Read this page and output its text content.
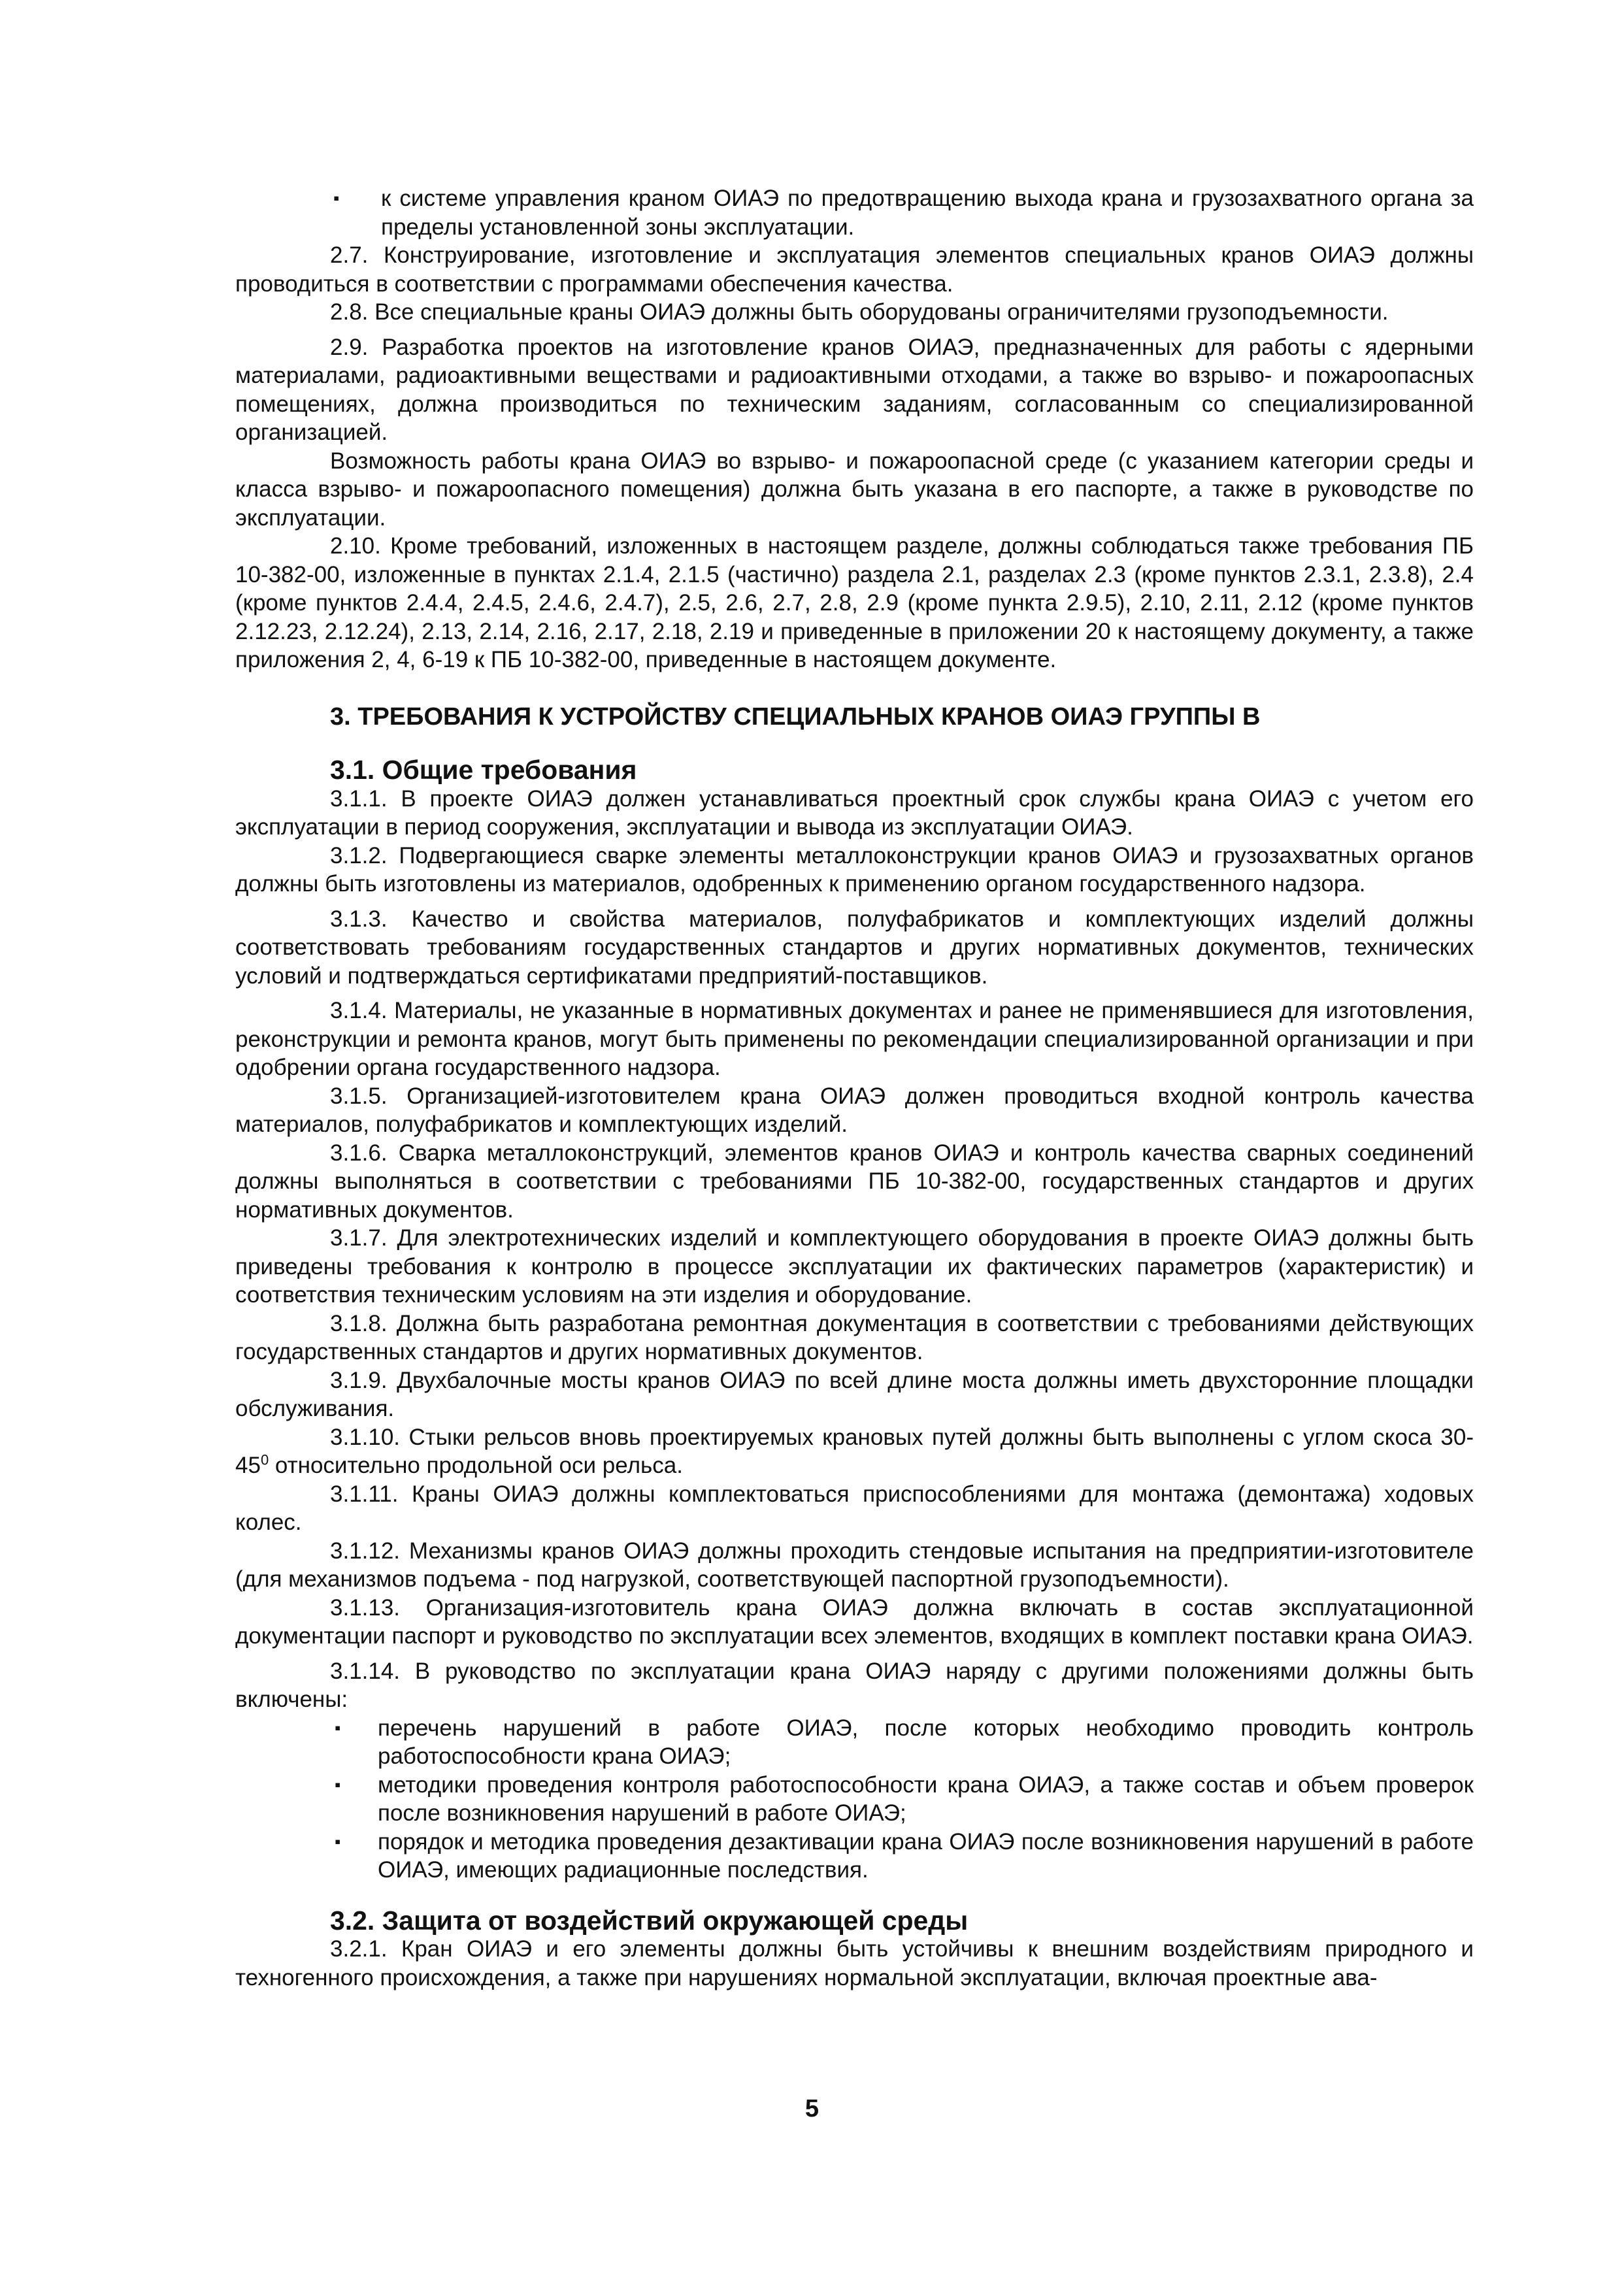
▪	к системе управления краном ОИАЭ по предотвращению выхода крана и грузозахватного органа за пределы установленной зоны эксплуатации.

2.7. Конструирование, изготовление и эксплуатация элементов специальных кранов ОИАЭ должны проводиться в соответствии с программами обеспечения качества.

2.8. Все специальные краны ОИАЭ должны быть оборудованы ограничителями грузоподъемности.

2.9. Разработка проектов на изготовление кранов ОИАЭ, предназначенных для работы с ядерными материалами, радиоактивными веществами и радиоактивными отходами, а также во взрыво- и пожароопасных помещениях, должна производиться по техническим заданиям, согласованным со специализированной организацией.

Возможность работы крана ОИАЭ во взрыво- и пожароопасной среде (с указанием категории среды и класса взрыво- и пожароопасного помещения) должна быть указана в его паспорте, а также в руководстве по эксплуатации.

2.10. Кроме требований, изложенных в настоящем разделе, должны соблюдаться также требования ПБ 10-382-00, изложенные в пунктах 2.1.4, 2.1.5 (частично) раздела 2.1, разделах 2.3 (кроме пунктов 2.3.1, 2.3.8), 2.4 (кроме пунктов 2.4.4, 2.4.5, 2.4.6, 2.4.7), 2.5, 2.6, 2.7, 2.8, 2.9 (кроме пункта 2.9.5), 2.10, 2.11, 2.12 (кроме пунктов 2.12.23, 2.12.24), 2.13, 2.14, 2.16, 2.17, 2.18, 2.19 и приведенные в приложении 20 к настоящему документу, а также приложения 2, 4, 6-19 к ПБ 10-382-00, приведенные в настоящем документе.

3. ТРЕБОВАНИЯ К УСТРОЙСТВУ СПЕЦИАЛЬНЫХ КРАНОВ ОИАЭ ГРУППЫ В
3.1. Общие требования

3.1.1. В проекте ОИАЭ должен устанавливаться проектный срок службы крана ОИАЭ с учетом его эксплуатации в период сооружения, эксплуатации и вывода из эксплуатации ОИАЭ.

3.1.2. Подвергающиеся сварке элементы металлоконструкции кранов ОИАЭ и грузозахватных органов должны быть изготовлены из материалов, одобренных к применению органом государственного надзора.

3.1.3. Качество и свойства материалов, полуфабрикатов и комплектующих изделий должны соответствовать требованиям государственных стандартов и других нормативных документов, технических условий и подтверждаться сертификатами предприятий-поставщиков.

3.1.4. Материалы, не указанные в нормативных документах и ранее не применявшиеся для изготовления, реконструкции и ремонта кранов, могут быть применены по рекомендации специализированной организации и при одобрении органа государственного надзора.

3.1.5. Организацией-изготовителем крана ОИАЭ должен проводиться входной контроль качества материалов, полуфабрикатов и комплектующих изделий.

3.1.6. Сварка металлоконструкций, элементов кранов ОИАЭ и контроль качества сварных соединений должны выполняться в соответствии с требованиями ПБ 10-382-00, государственных стандартов и других нормативных документов.

3.1.7. Для электротехнических изделий и комплектующего оборудования в проекте ОИАЭ должны быть приведены требования к контролю в процессе эксплуатации их фактических параметров (характеристик) и соответствия техническим условиям на эти изделия и оборудование.

3.1.8. Должна быть разработана ремонтная документация в соответствии с требованиями действующих государственных стандартов и других нормативных документов.

3.1.9. Двухбалочные мосты кранов ОИАЭ по всей длине моста должны иметь двухсторонние площадки обслуживания.

3.1.10. Стыки рельсов вновь проектируемых крановых путей должны быть выполнены с углом скоса $30-45^0$ относительно продольной оси рельса.

3.1.11. Краны ОИАЭ должны комплектоваться приспособлениями для монтажа (демонтажа) ходовых колес.

3.1.12. Механизмы кранов ОИАЭ должны проходить стендовые испытания на предприятии-изготовителе (для механизмов подъема - под нагрузкой, соответствующей паспортной грузоподъемности).

3.1.13. Организация-изготовитель крана ОИАЭ должна включать в состав эксплуатационной документации паспорт и руководство по эксплуатации всех элементов, входящих в комплект поставки крана ОИАЭ.

3.1.14. В руководство по эксплуатации крана ОИАЭ наряду с другими положениями должны быть включены:

▪	перечень нарушений в работе ОИАЭ, после которых необходимо проводить контроль работоспособности крана ОИАЭ;
▪	методики проведения контроля работоспособности крана ОИАЭ, а также состав и объем проверок после возникновения нарушений в работе ОИАЭ;
▪	порядок и методика проведения дезактивации крана ОИАЭ после возникновения нарушений в работе ОИАЭ, имеющих радиационные последствия.
3.2. Защита от воздействий окружающей среды

3.2.1. Кран ОИАЭ и его элементы должны быть устойчивы к внешним воздействиям природного и техногенного происхождения, а также при нарушениях нормальной эксплуатации, включая проектные ава-

5
